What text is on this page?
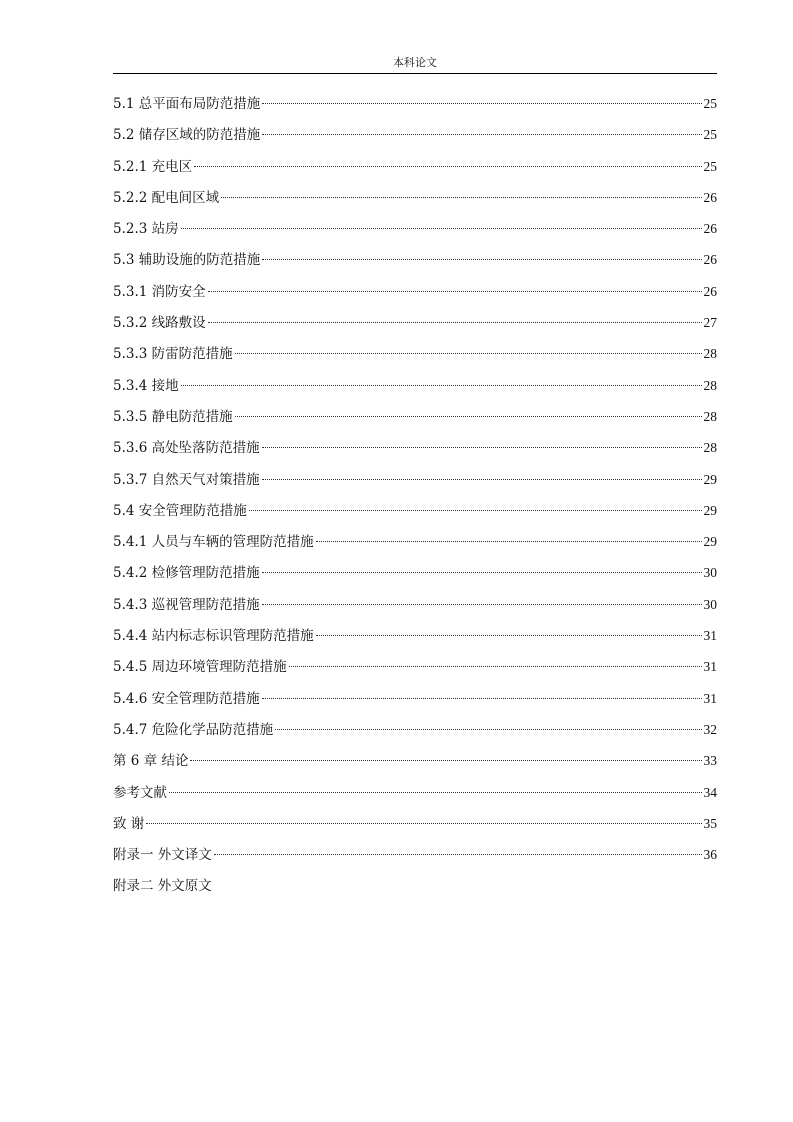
本科论文
5.1 总平面布局防范措施	25
5.2 储存区域的防范措施	25
5.2.1 充电区	25
5.2.2 配电间区域	26
5.2.3 站房	26
5.3 辅助设施的防范措施	26
5.3.1 消防安全	26
5.3.2 线路敷设	27
5.3.3 防雷防范措施	28
5.3.4 接地	28
5.3.5 静电防范措施	28
5.3.6 高处坠落防范措施	28
5.3.7 自然天气对策措施	29
5.4 安全管理防范措施	29
5.4.1 人员与车辆的管理防范措施	29
5.4.2 检修管理防范措施	30
5.4.3 巡视管理防范措施	30
5.4.4 站内标志标识管理防范措施	31
5.4.5 周边环境管理防范措施	31
5.4.6 安全管理防范措施	31
5.4.7 危险化学品防范措施	32
第 6 章 结论	33
参考文献	34
致 谢	35
附录一 外文译文	36
附录二 外文原文
